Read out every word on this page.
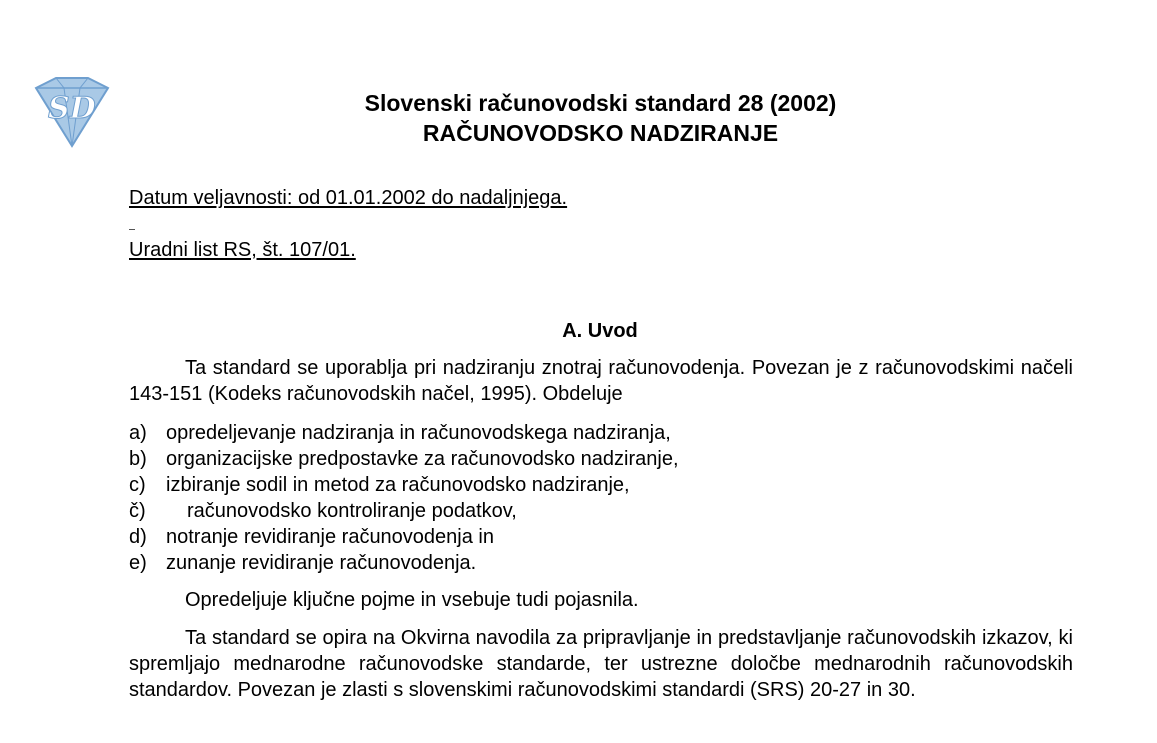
SD	Slovenski računovodski standard 28 (2002)
RAČUNOVODSKO NADZIRANJE
Datum veljavnosti: od 01.01.2002 do nadaljnjega.
Uradni list RS, št. 107/01.
A. Uvod

Ta standard se uporablja pri nadziranju znotraj računovodenja. Povezan je z računovodskimi načeli 143-151 (Kodeks računovodskih načel, 1995). Obdeluje

a) opredeljevanje nadziranja in računovodskega nadziranja,
b) organizacijske predpostavke za računovodsko nadziranje,
c)	izbiranje sodil in metod za računovodsko nadziranje,
č)	računovodsko kontroliranje podatkov,
d) notranje revidiranje računovodenja in
e) zunanje revidiranje računovodenja.

Opredeljuje ključne pojme in vsebuje tudi pojasnila.

Ta standard se opira na Okvirna navodila za pripravljanje in predstavljanje računovodskih izkazov, ki spremljajo mednarodne računovodske standarde, ter ustrezne določbe mednarodnih računovodskih standardov. Povezan je zlasti s slovenskimi računovodskimi standardi (SRS) 20-27 in 30.
